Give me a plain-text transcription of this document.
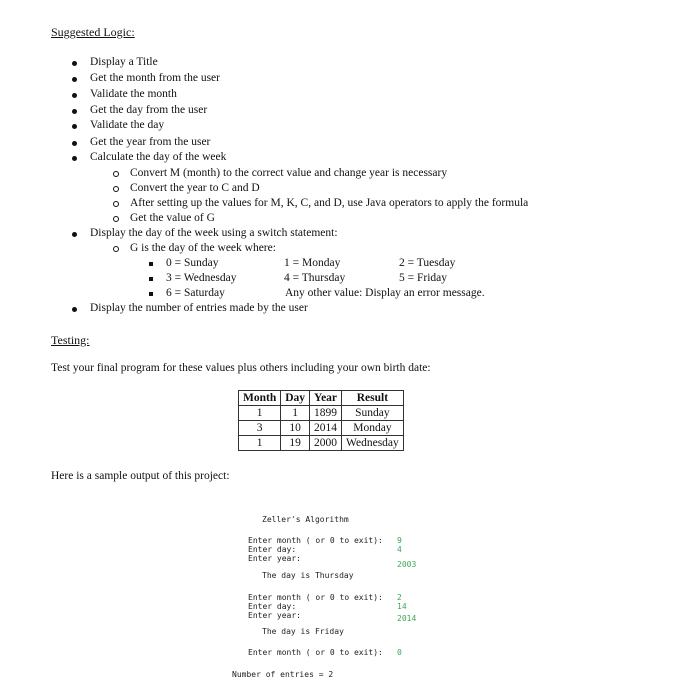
Suggested Logic:
Display a Title
Get the month from the user
Validate the month
Get the day from the user
Validate the day
Get the year from the user
Calculate the day of the week
Convert M (month) to the correct value and change year is necessary
Convert the year to C and D
After setting up the values for M, K, C, and D, use Java operators to apply the formula
Get the value of G
Display the day of the week using a switch statement:
G is the day of the week where:
0 = Sunday	1 = Monday	2 = Tuesday
3 = Wednesday	4 = Thursday	5 = Friday
6 = Saturday	Any other value: Display an error message.
Display the number of entries made by the user
Testing:
Test your final program for these values plus others including your own birth date:
Month	Day	Year	Result
1	1	1899	Sunday
3	10	2014	Monday
1	19	2000	Wednesday
Here is a sample output of this project:
Zeller's Algorithm
Enter month ( or 0 to exit): 9
Enter day:	4
Enter year:
2003
The day is Thursday
Enter month ( or 0 to exit): 2
Enter day:	14
Enter year:	2014
The day is Friday
Enter month ( or 0 to exit): 0
Number of entries = 2
